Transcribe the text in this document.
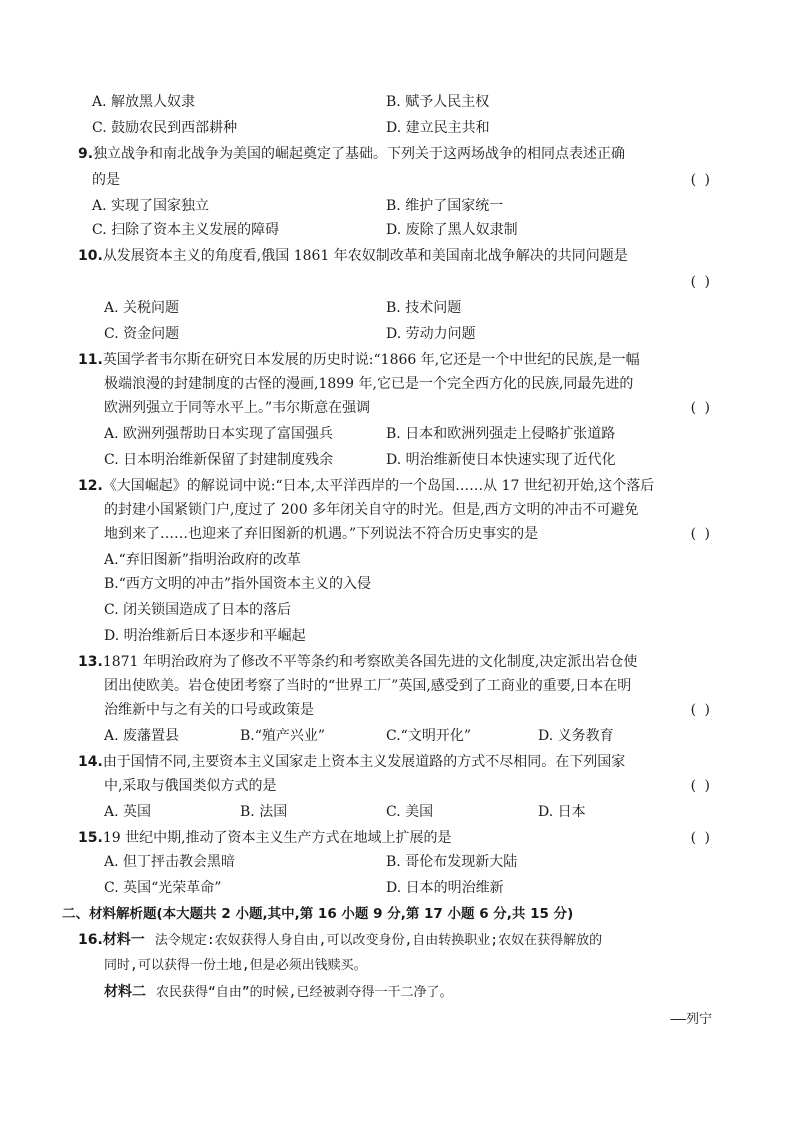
A. 解放黑人奴隶	B. 赋予人民主权
C. 鼓励农民到西部耕种	D. 建立民主共和
9.独立战争和南北战争为美国的崛起奠定了基础。下列关于这两场战争的相同点表述正确
的是	( )
A. 实现了国家独立	B. 维护了国家统一
C. 扫除了资本主义发展的障碍	D. 废除了黑人奴隶制
10.从发展资本主义的角度看,俄国 1861 年农奴制改革和美国南北战争解决的共同问题是
( )
A. 关税问题	B. 技术问题
C. 资金问题	D. 劳动力问题
11.英国学者韦尔斯在研究日本发展的历史时说:“1866 年,它还是一个中世纪的民族,是一幅
极端浪漫的封建制度的古怪的漫画,1899 年,它已是一个完全西方化的民族,同最先进的
欧洲列强立于同等水平上。”韦尔斯意在强调	( )
A. 欧洲列强帮助日本实现了富国强兵	B. 日本和欧洲列强走上侵略扩张道路
C. 日本明治维新保留了封建制度残余	D. 明治维新使日本快速实现了近代化
12.《大国崛起》的解说词中说:“日本,太平洋西岸的一个岛国……从 17 世纪初开始,这个落后
的封建小国紧锁门户,度过了 200 多年闭关自守的时光。但是,西方文明的冲击不可避免
地到来了……也迎来了弃旧图新的机遇。”下列说法不符合历史事实的是	( )
A.“弃旧图新”指明治政府的改革
B.“西方文明的冲击”指外国资本主义的入侵
C. 闭关锁国造成了日本的落后
D. 明治维新后日本逐步和平崛起
13.1871 年明治政府为了修改不平等条约和考察欧美各国先进的文化制度,决定派出岩仓使
团出使欧美。岩仓使团考察了当时的“世界工厂”英国,感受到了工商业的重要,日本在明
治维新中与之有关的口号或政策是	( )
A. 废藩置县	B.“殖产兴业”	C.“文明开化”	D. 义务教育
14.由于国情不同,主要资本主义国家走上资本主义发展道路的方式不尽相同。在下列国家
中,采取与俄国类似方式的是	( )
A. 英国	B. 法国	C. 美国	D. 日本
15.19 世纪中期,推动了资本主义生产方式在地域上扩展的是	( )
A. 但丁抨击教会黑暗	B. 哥伦布发现新大陆
C. 英国“光荣革命”	D. 日本的明治维新
二、材料解析题(本大题共 2 小题,其中,第 16 小题 9 分,第 17 小题 6 分,共 15 分)
16.材料一 法令规定:农奴获得人身自由,可以改变身份,自由转换职业;农奴在获得解放的
同时,可以获得一份土地,但是必须出钱赎买。
材料二 农民获得“自由”的时候,已经被剥夺得一干二净了。
——列宁
